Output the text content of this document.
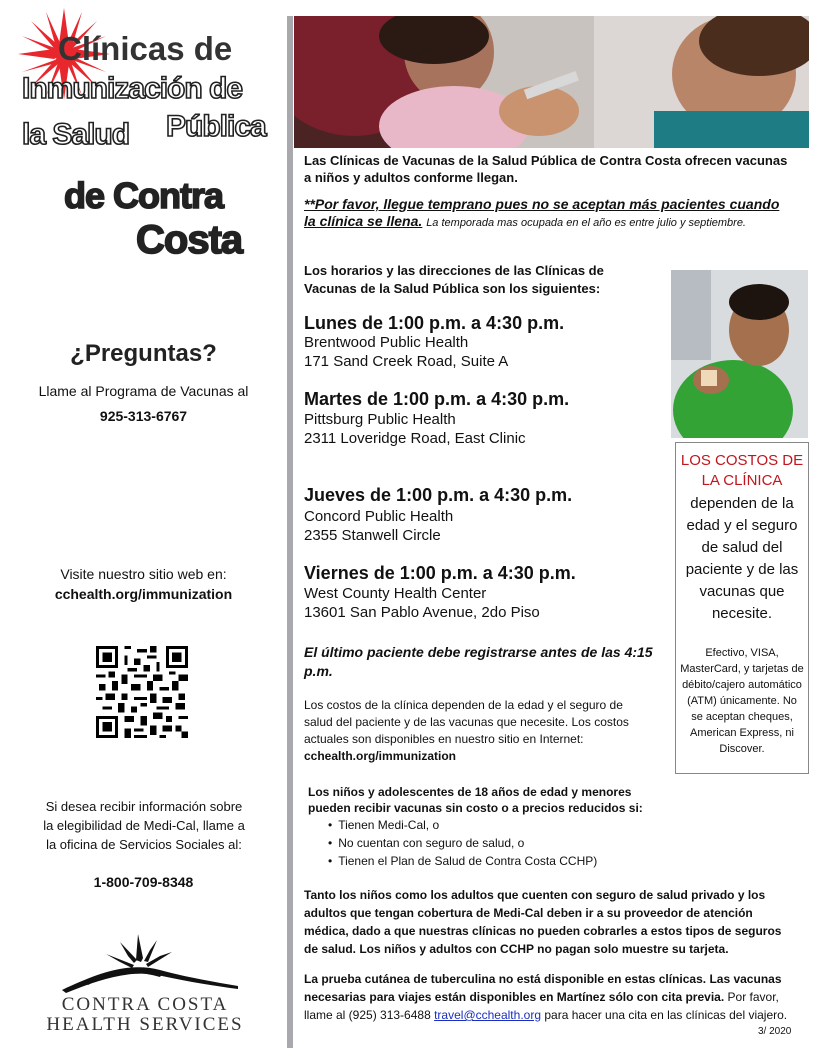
Clínicas de
Inmunización de
la Salud Pública
de Contra
Costa
¿Preguntas?
Llame al Programa de Vacunas al
925-313-6767
Visite nuestro sitio web en:
cchealth.org/immunization
Si desea recibir información sobre la elegibilidad de Medi-Cal, llame a la oficina de Servicios Sociales al:
1-800-709-8348
CONTRA COSTA
HEALTH SERVICES
Las Clínicas de Vacunas de la Salud Pública de Contra Costa ofrecen vacunas a niños y adultos conforme llegan.
**Por favor, llegue temprano pues no se aceptan más pacientes cuando la clínica se llena. La temporada mas ocupada en el año es entre julio y septiembre.
Los horarios y las direcciones de las Clínicas de Vacunas de la Salud Pública son los siguientes:
Lunes de 1:00 p.m. a 4:30 p.m.
Brentwood Public Health
171 Sand Creek Road, Suite A
Martes de 1:00 p.m. a 4:30 p.m.
Pittsburg Public Health
2311 Loveridge Road, East Clinic
Jueves de 1:00 p.m. a 4:30 p.m.
Concord Public Health
2355 Stanwell Circle
Viernes de 1:00 p.m. a 4:30 p.m.
West County Health Center
13601 San Pablo Avenue, 2do Piso
El último paciente debe registrarse antes de las 4:15 p.m.
Los costos de la clínica dependen de la edad y el seguro de salud del paciente y de las vacunas que necesite. Los costos actuales son disponibles en nuestro sitio en Internet: cchealth.org/immunization
Los niños y adolescentes de 18 años de edad y menores pueden recibir vacunas sin costo o a precios reducidos si:
• Tienen Medi-Cal, o
• No cuentan con seguro de salud, o
• Tienen el Plan de Salud de Contra Costa CCHP)
Tanto los niños como los adultos que cuenten con seguro de salud privado y los adultos que tengan cobertura de Medi-Cal deben ir a su proveedor de atención médica, dado a que nuestras clínicas no pueden cobrarles a estos tipos de seguros de salud. Los niños y adultos con CCHP no pagan solo muestre su tarjeta.
La prueba cutánea de tuberculina no está disponible en estas clínicas. Las vacunas necesarias para viajes están disponibles en Martínez sólo con cita previa. Por favor, llame al (925) 313-6488 travel@cchealth.org para hacer una cita en las clínicas del viajero.
3/ 2020
LOS COSTOS DE LA CLÍNICA
dependen de la edad y el seguro de salud del paciente y de las vacunas que necesite.
Efectivo, VISA, MasterCard, y tarjetas de débito/cajero automático (ATM) únicamente. No se aceptan cheques, American Express, ni Discover.
